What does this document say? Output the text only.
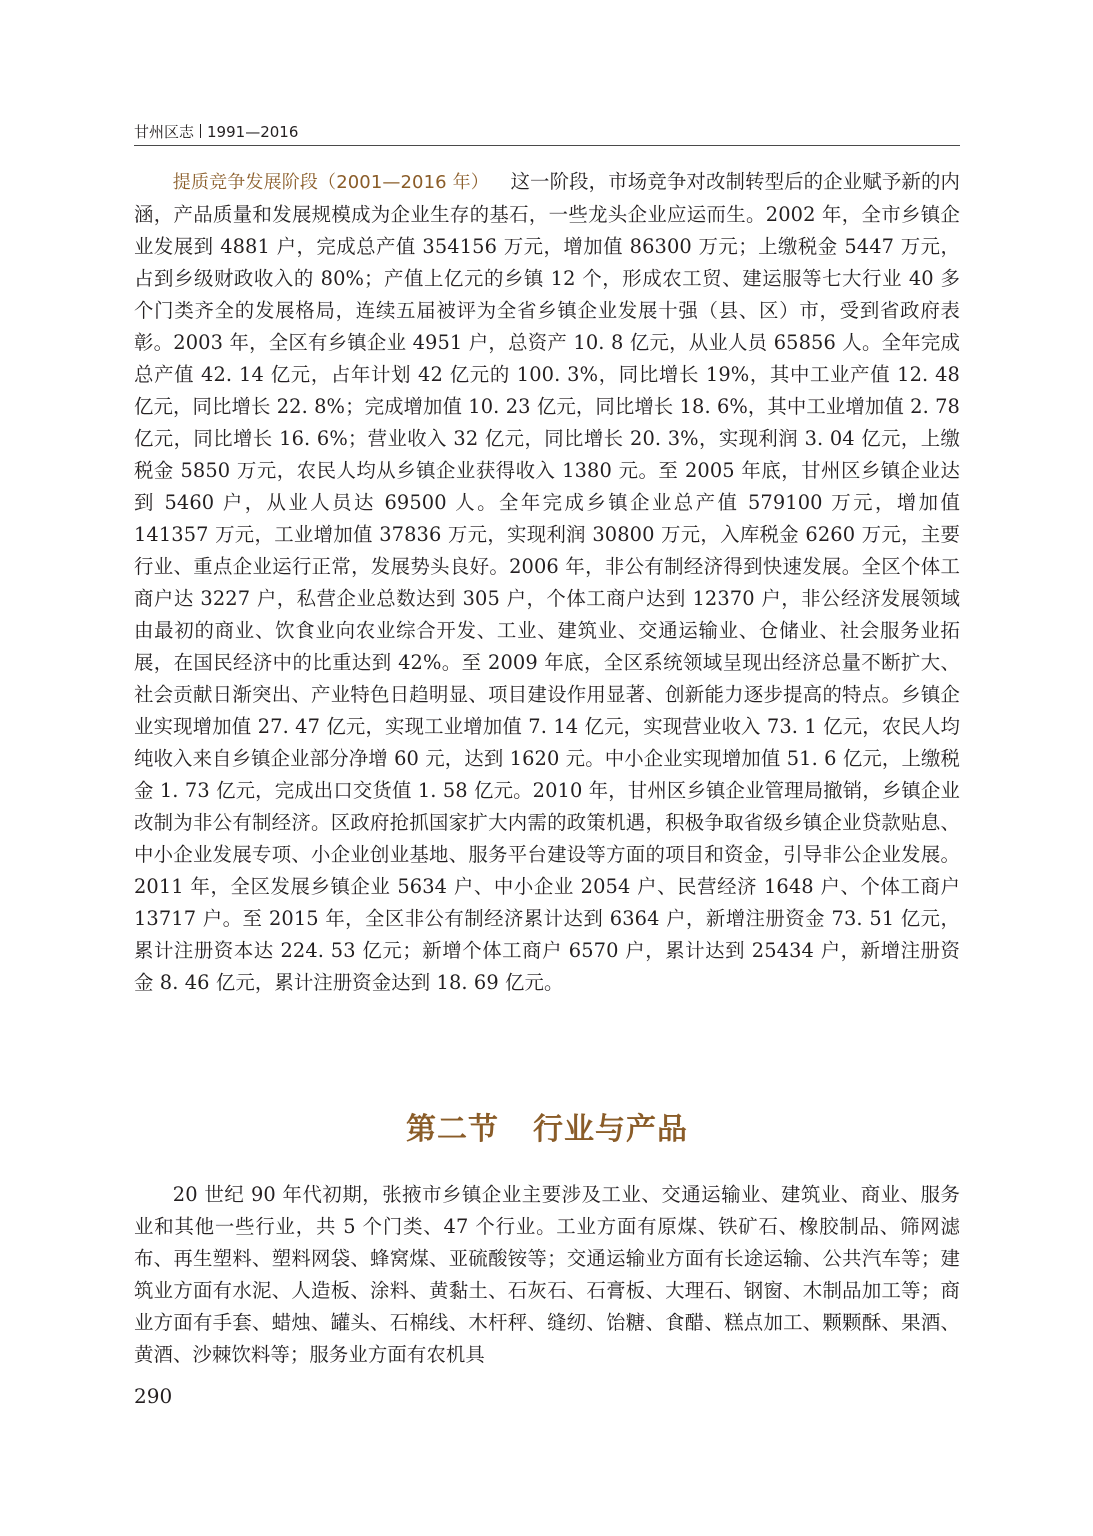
甘州区志 1991—2016

提质竞争发展阶段（2001—2016 年） 这一阶段，市场竞争对改制转型后的企业赋予新的内涵，产品质量和发展规模成为企业生存的基石，一些龙头企业应运而生。2002 年，全市乡镇企业发展到 4881 户，完成总产值 354156 万元，增加值 86300 万元；上缴税金 5447 万元，占到乡级财政收入的 80%；产值上亿元的乡镇 12 个，形成农工贸、建运服等七大行业 40 多个门类齐全的发展格局，连续五届被评为全省乡镇企业发展十强（县、区）市，受到省政府表彰。2003 年，全区有乡镇企业 4951 户，总资产 10. 8 亿元，从业人员 65856 人。全年完成总产值 42. 14 亿元，占年计划 42 亿元的 100. 3%，同比增长 19%，其中工业产值 12. 48 亿元，同比增长 22. 8%；完成增加值 10. 23 亿元，同比增长 18. 6%，其中工业增加值 2. 78 亿元，同比增长 16. 6%；营业收入 32 亿元，同比增长 20. 3%，实现利润 3. 04 亿元，上缴税金 5850 万元，农民人均从乡镇企业获得收入 1380 元。至 2005 年底，甘州区乡镇企业达到 5460 户，从业人员达 69500 人。全年完成乡镇企业总产值 579100 万元，增加值 141357 万元，工业增加值 37836 万元，实现利润 30800 万元，入库税金 6260 万元，主要行业、重点企业运行正常，发展势头良好。2006 年，非公有制经济得到快速发展。全区个体工商户达 3227 户，私营企业总数达到 305 户，个体工商户达到 12370 户，非公经济发展领域由最初的商业、饮食业向农业综合开发、工业、建筑业、交通运输业、仓储业、社会服务业拓展，在国民经济中的比重达到 42%。至 2009 年底，全区系统领域呈现出经济总量不断扩大、社会贡献日渐突出、产业特色日趋明显、项目建设作用显著、创新能力逐步提高的特点。乡镇企业实现增加值 27. 47 亿元，实现工业增加值 7. 14 亿元，实现营业收入 73. 1 亿元，农民人均纯收入来自乡镇企业部分净增 60 元，达到 1620 元。中小企业实现增加值 51. 6 亿元，上缴税金 1. 73 亿元，完成出口交货值 1. 58 亿元。2010 年，甘州区乡镇企业管理局撤销，乡镇企业改制为非公有制经济。区政府抢抓国家扩大内需的政策机遇，积极争取省级乡镇企业贷款贴息、中小企业发展专项、小企业创业基地、服务平台建设等方面的项目和资金，引导非公企业发展。2011 年，全区发展乡镇企业 5634 户、中小企业 2054 户、民营经济 1648 户、个体工商户 13717 户。至 2015 年，全区非公有制经济累计达到 6364 户，新增注册资金 73. 51 亿元，累计注册资本达 224. 53 亿元；新增个体工商户 6570 户，累计达到 25434 户，新增注册资金 8. 46 亿元，累计注册资金达到 18. 69 亿元。

第二节 行业与产品

20 世纪 90 年代初期，张掖市乡镇企业主要涉及工业、交通运输业、建筑业、商业、服务业和其他一些行业，共 5 个门类、47 个行业。工业方面有原煤、铁矿石、橡胶制品、筛网滤布、再生塑料、塑料网袋、蜂窝煤、亚硫酸铵等；交通运输业方面有长途运输、公共汽车等；建筑业方面有水泥、人造板、涂料、黄黏土、石灰石、石膏板、大理石、钢窗、木制品加工等；商业方面有手套、蜡烛、罐头、石棉线、木杆秤、缝纫、饴糖、食醋、糕点加工、颗颗酥、果酒、黄酒、沙棘饮料等；服务业方面有农机具

290
